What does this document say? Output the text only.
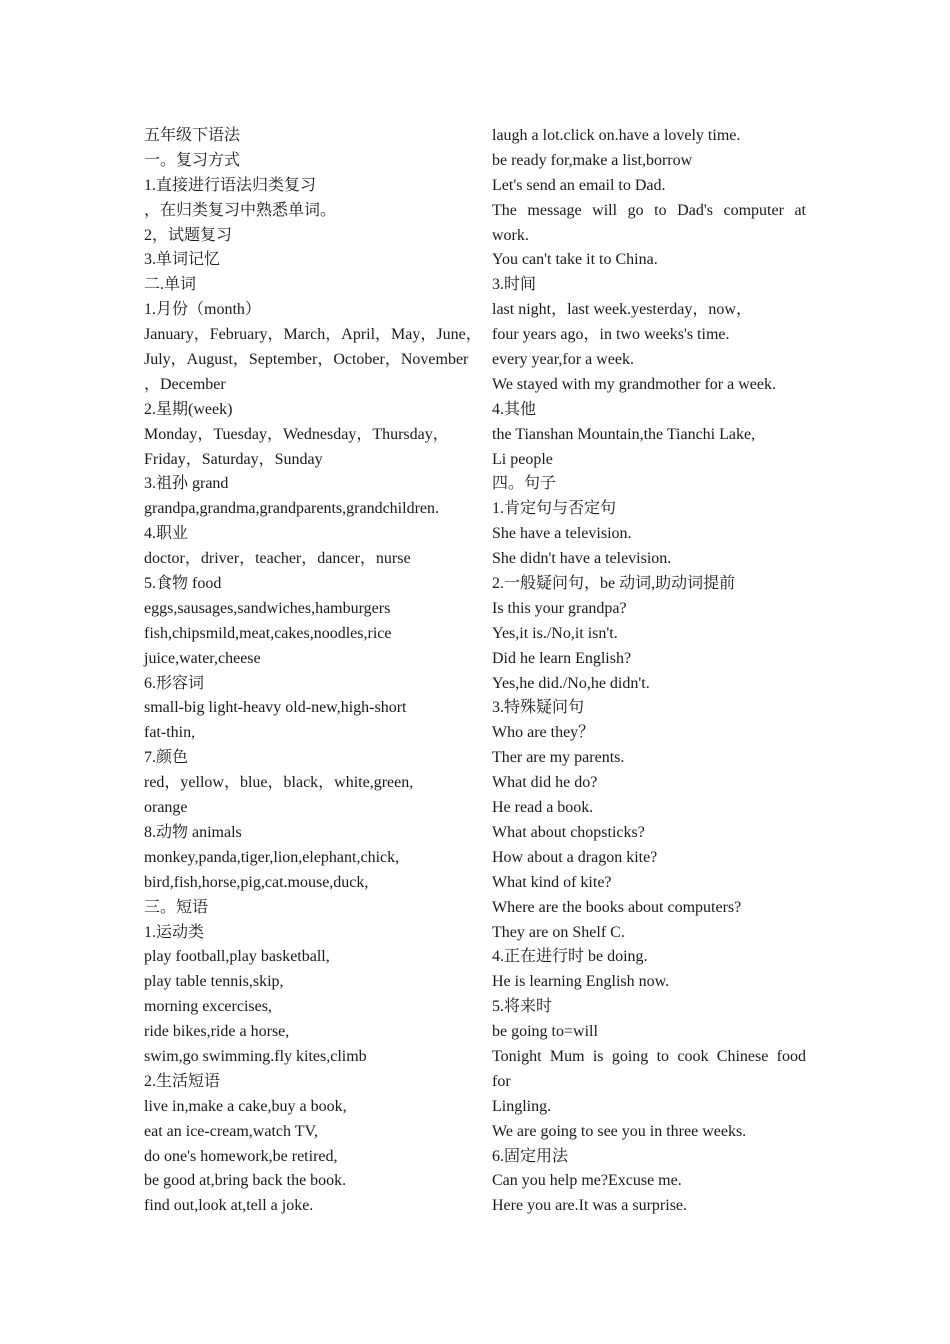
五年级下语法
一。复习方式
1.直接进行语法归类复习
，在归类复习中熟悉单词。
2，试题复习
3.单词记忆
二.单词
1.月份（month）
January，February，March，April，May，June，
July，August，September，October，November
，December
2.星期(week)
Monday，Tuesday，Wednesday，Thursday，
Friday，Saturday，Sunday
3.祖孙 grand
grandpa,grandma,grandparents,grandchildren.
4.职业
doctor，driver，teacher，dancer，nurse
5.食物 food
eggs,sausages,sandwiches,hamburgers
fish,chipsmild,meat,cakes,noodles,rice
juice,water,cheese
6.形容词
small-big light-heavy old-new,high-short
fat-thin,
7.颜色
red，yellow，blue，black，white,green,
orange
8.动物 animals
monkey,panda,tiger,lion,elephant,chick,
bird,fish,horse,pig,cat.mouse,duck,
三。短语
1.运动类
play football,play basketball,
play table tennis,skip,
morning excercises,
ride bikes,ride a horse,
swim,go swimming.fly kites,climb
2.生活短语
live in,make a cake,buy a book,
eat an ice-cream,watch TV,
do one's homework,be retired,
be good at,bring back the book.
find out,look at,tell a joke.
laugh a lot.click on.have a lovely time.
be ready for,make a list,borrow
Let's send an email to Dad.
The message will go to Dad's computer at
work.
You can't take it to China.
3.时间
last night，last week.yesterday，now，
four years ago，in two weeks's time.
every year,for a week.
We stayed with my grandmother for a week.
4.其他
the Tianshan Mountain,the Tianchi Lake,
Li people
四。句子
1.肯定句与否定句
She have a television.
She didn't have a television.
2.一般疑问句，be 动词,助动词提前
Is this your grandpa?
Yes,it is./No,it isn't.
Did he learn English?
Yes,he did./No,he didn't.
3.特殊疑问句
Who are they？
Ther are my parents.
What did he do?
He read a book.
What about chopsticks?
How about a dragon kite?
What kind of kite?
Where are the books about computers?
They are on Shelf C.
4.正在进行时 be doing.
He is learning English now.
5.将来时
be going to=will
Tonight Mum is going to cook Chinese food
for
Lingling.
We are going to see you in three weeks.
6.固定用法
Can you help me?Excuse me.
Here you are.It was a surprise.
